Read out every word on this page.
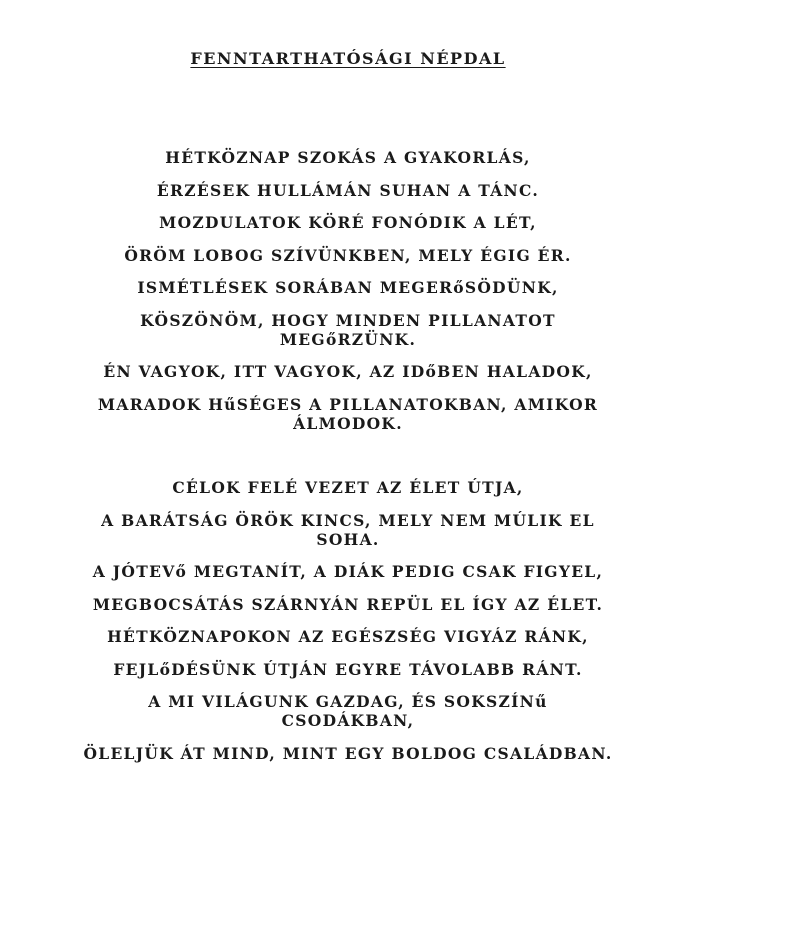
FENNTARTHATÓSÁGI NÉPDAL
HÉTKÖZNAP SZOKÁS A GYAKORLÁS,
ÉRZÉSEK HULLÁMÁN SUHAN A TÁNC.
MOZDULATOK KÖRÉ FONÓDIK A LÉT,
ÖRÖM LOBOG SZÍVÜNKBEN, MELY ÉGIG ÉR.
ISMÉTLÉSEK SORÁBAN MEGERőSÖDÜNK,
KÖSZÖNÖM, HOGY MINDEN PILLANATOT MEGőRZÜNK.
ÉN VAGYOK, ITT VAGYOK, AZ IDőBEN HALADOK,
MARADOK HűSÉGES A PILLANATOKBAN, AMIKOR ÁLMODOK.
CÉLOK FELÉ VEZET AZ ÉLET ÚTJA,
A BARÁTSÁG ÖRÖK KINCS, MELY NEM MÚLIK EL SOHA.
A JÓTEVő MEGTANÍT, A DIÁK PEDIG CSAK FIGYEL,
MEGBOCSÁTÁS SZÁRNYÁN REPÜL EL ÍGY AZ ÉLET.
HÉTKÖZNAPOKON AZ EGÉSZSÉG VIGYÁZ RÁNK,
FEJLőDÉSÜNK ÚTJÁN EGYRE TÁVOLABB RÁNT.
A MI VILÁGUNK GAZDAG, ÉS SOKSZÍNű CSODÁKBAN,
ÖLELJÜK ÁT MIND, MINT EGY BOLDOG CSALÁDBAN.
